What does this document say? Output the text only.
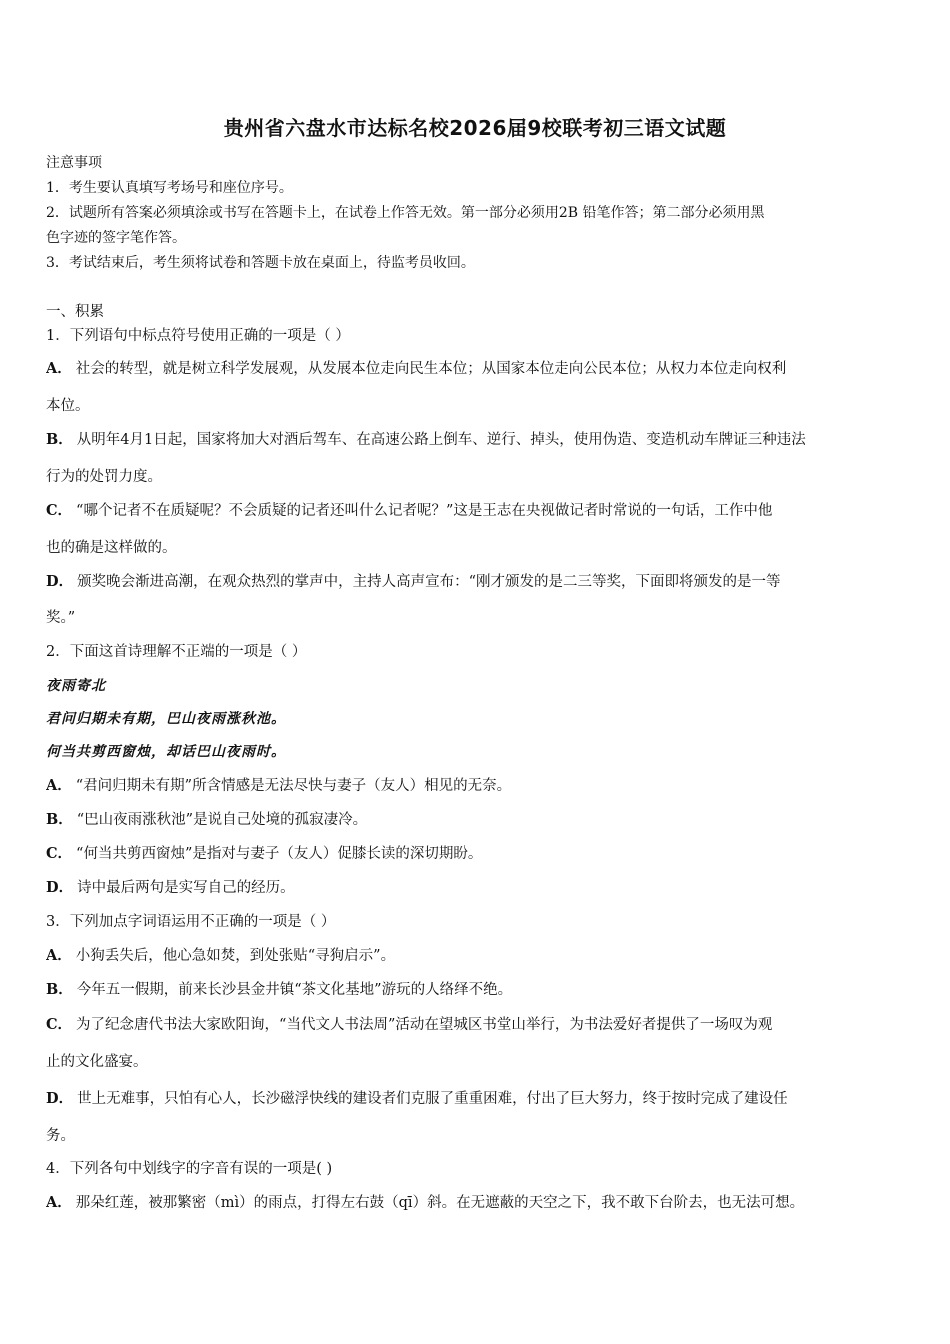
贵州省六盘水市达标名校2026届9校联考初三语文试题
注意事项
1．考生要认真填写考场号和座位序号。
2．试题所有答案必须填涂或书写在答题卡上，在试卷上作答无效。第一部分必须用2B 铅笔作答；第二部分必须用黑
色字迹的签字笔作答。
3．考试结束后，考生须将试卷和答题卡放在桌面上，待监考员收回。
一、积累
1．下列语句中标点符号使用正确的一项是（ ）
A． 社会的转型，就是树立科学发展观，从发展本位走向民生本位；从国家本位走向公民本位；从权力本位走向权利
本位。
B． 从明年4月1日起，国家将加大对酒后驾车、在高速公路上倒车、逆行、掉头，使用伪造、变造机动车牌证三种违法
行为的处罚力度。
C． “哪个记者不在质疑呢？不会质疑的记者还叫什么记者呢？”这是王志在央视做记者时常说的一句话，工作中他
也的确是这样做的。
D． 颁奖晚会渐进高潮，在观众热烈的掌声中，主持人高声宣布：“刚才颁发的是二三等奖，下面即将颁发的是一等
奖。”
2．下面这首诗理解不正端的一项是（ ）
夜雨寄北
君问归期未有期，巴山夜雨涨秋池。
何当共剪西窗烛，却话巴山夜雨时。
A． “君问归期未有期”所含情感是无法尽快与妻子（友人）相见的无奈。
B． “巴山夜雨涨秋池”是说自己处境的孤寂凄冷。
C． “何当共剪西窗烛”是指对与妻子（友人）促膝长读的深切期盼。
D． 诗中最后两句是实写自己的经历。
3．下列加点字词语运用不正确的一项是（ ）
A． 小狗丢失后，他心急如焚，到处张贴“寻狗启示”。
B． 今年五一假期，前来长沙县金井镇“茶文化基地”游玩的人络绎不绝。
C． 为了纪念唐代书法大家欧阳询，“当代文人书法周”活动在望城区书堂山举行，为书法爱好者提供了一场叹为观
止的文化盛宴。
D． 世上无难事，只怕有心人，长沙磁浮快线的建设者们克服了重重困难，付出了巨大努力，终于按时完成了建设任
务。
4．下列各句中划线字的字音有误的一项是( )
A． 那朵红莲，被那繁密（mì）的雨点，打得左右鼓（qī）斜。在无遮蔽的天空之下，我不敢下台阶去，也无法可想。
